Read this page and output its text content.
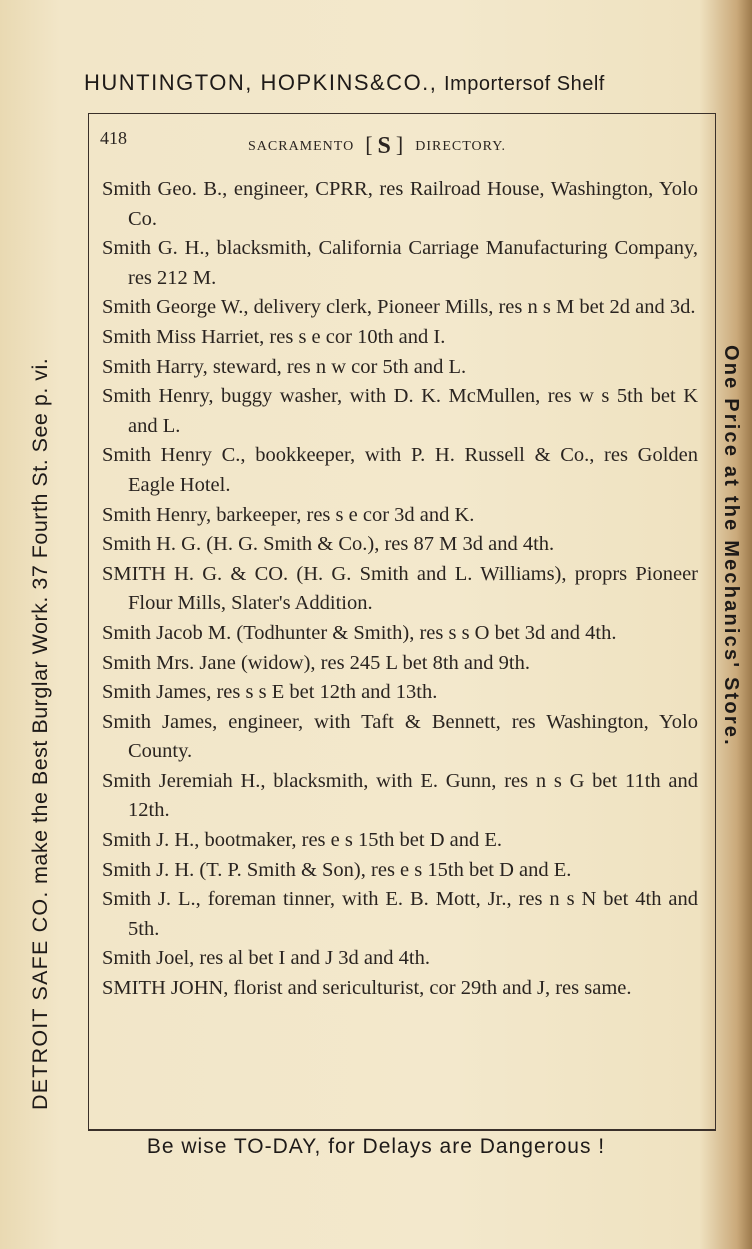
HUNTINGTON, HOPKINS&CO., Importersof Shelf
418	SACRAMENTO  [ S ]  DIRECTORY.
Smith Geo. B., engineer, CPRR, res Railroad House, Washington, Yolo Co.
Smith G. H., blacksmith, California Carriage Manufacturing Company, res 212 M.
Smith George W., delivery clerk, Pioneer Mills, res n s M bet 2d and 3d.
Smith Miss Harriet, res s e cor 10th and I.
Smith Harry, steward, res n w cor 5th and L.
Smith Henry, buggy washer, with D. K. McMullen, res w s 5th bet K and L.
Smith Henry C., bookkeeper, with P. H. Russell & Co., res Golden Eagle Hotel.
Smith Henry, barkeeper, res s e cor 3d and K.
Smith H. G. (H. G. Smith & Co.), res 87 M 3d and 4th.
SMITH H. G. & CO. (H. G. Smith and L. Williams), proprs Pioneer Flour Mills, Slater's Addition.
Smith Jacob M. (Todhunter & Smith), res s s O bet 3d and 4th.
Smith Mrs. Jane (widow), res 245 L bet 8th and 9th.
Smith James, res s s E bet 12th and 13th.
Smith James, engineer, with Taft & Bennett, res Washington, Yolo County.
Smith Jeremiah H., blacksmith, with E. Gunn, res n s G bet 11th and 12th.
Smith J. H., bootmaker, res e s 15th bet D and E.
Smith J. H. (T. P. Smith & Son), res e s 15th bet D and E.
Smith J. L., foreman tinner, with E. B. Mott, Jr., res n s N bet 4th and 5th.
Smith Joel, res al bet I and J 3d and 4th.
SMITH JOHN, florist and sericulturist, cor 29th and J, res same.
DETROIT SAFE CO. make the Best Burglar Work. 37 Fourth St. See p. vi.	One Price at the Mechanics' Store.
Be wise TO-DAY, for Delays are Dangerous !
